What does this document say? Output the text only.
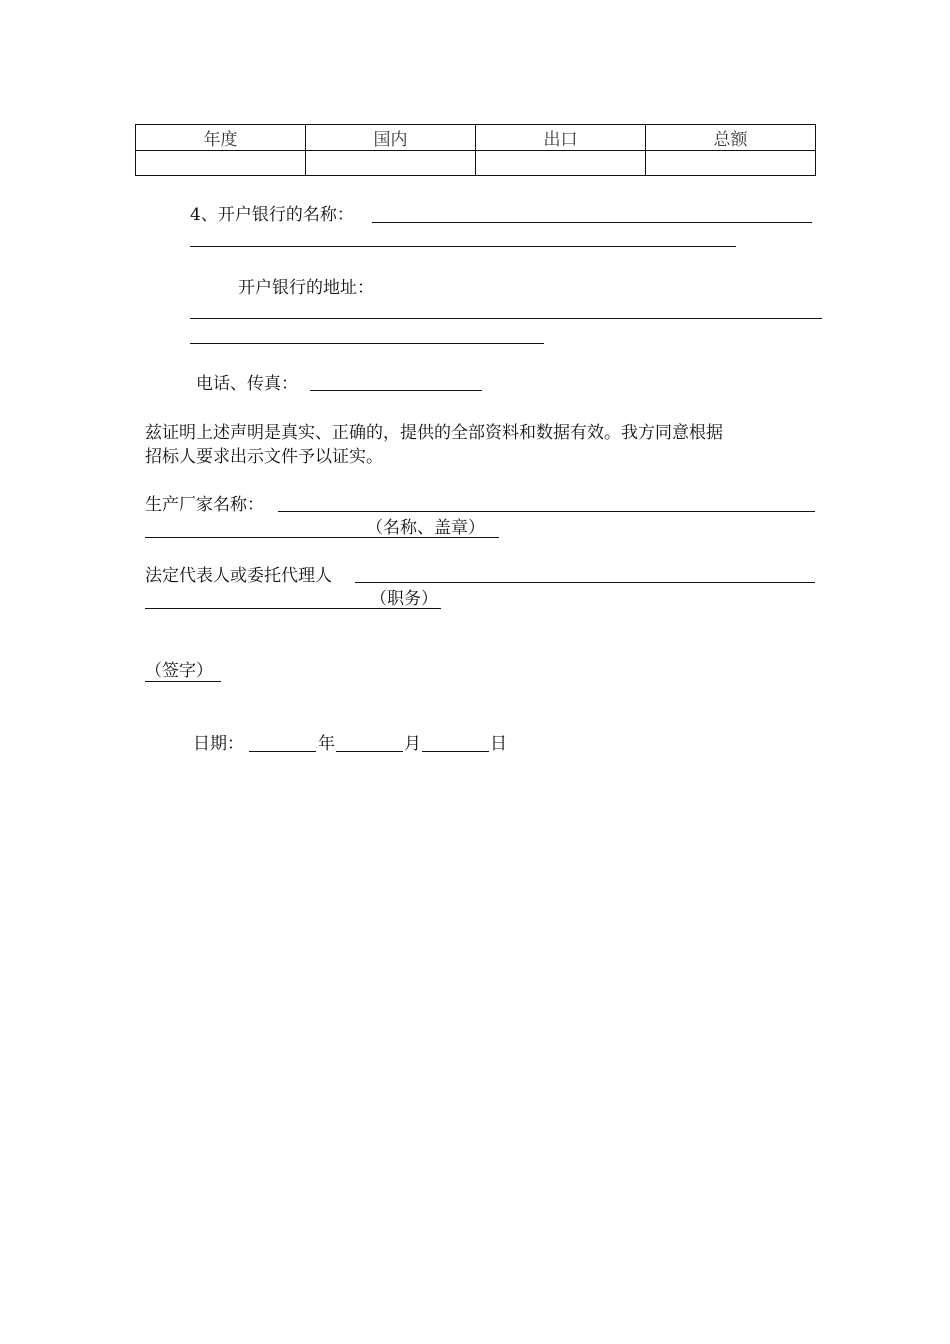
年度	国内	出口	总额

4、开户银行的名称：
开户银行的地址：
电话、传真：
兹证明上述声明是真实、正确的，提供的全部资料和数据有效。我方同意根据
招标人要求出示文件予以证实。
生产厂家名称：
（名称、盖章）
法定代表人或委托代理人
（职务）
（签字）
日期：	年	月	日
